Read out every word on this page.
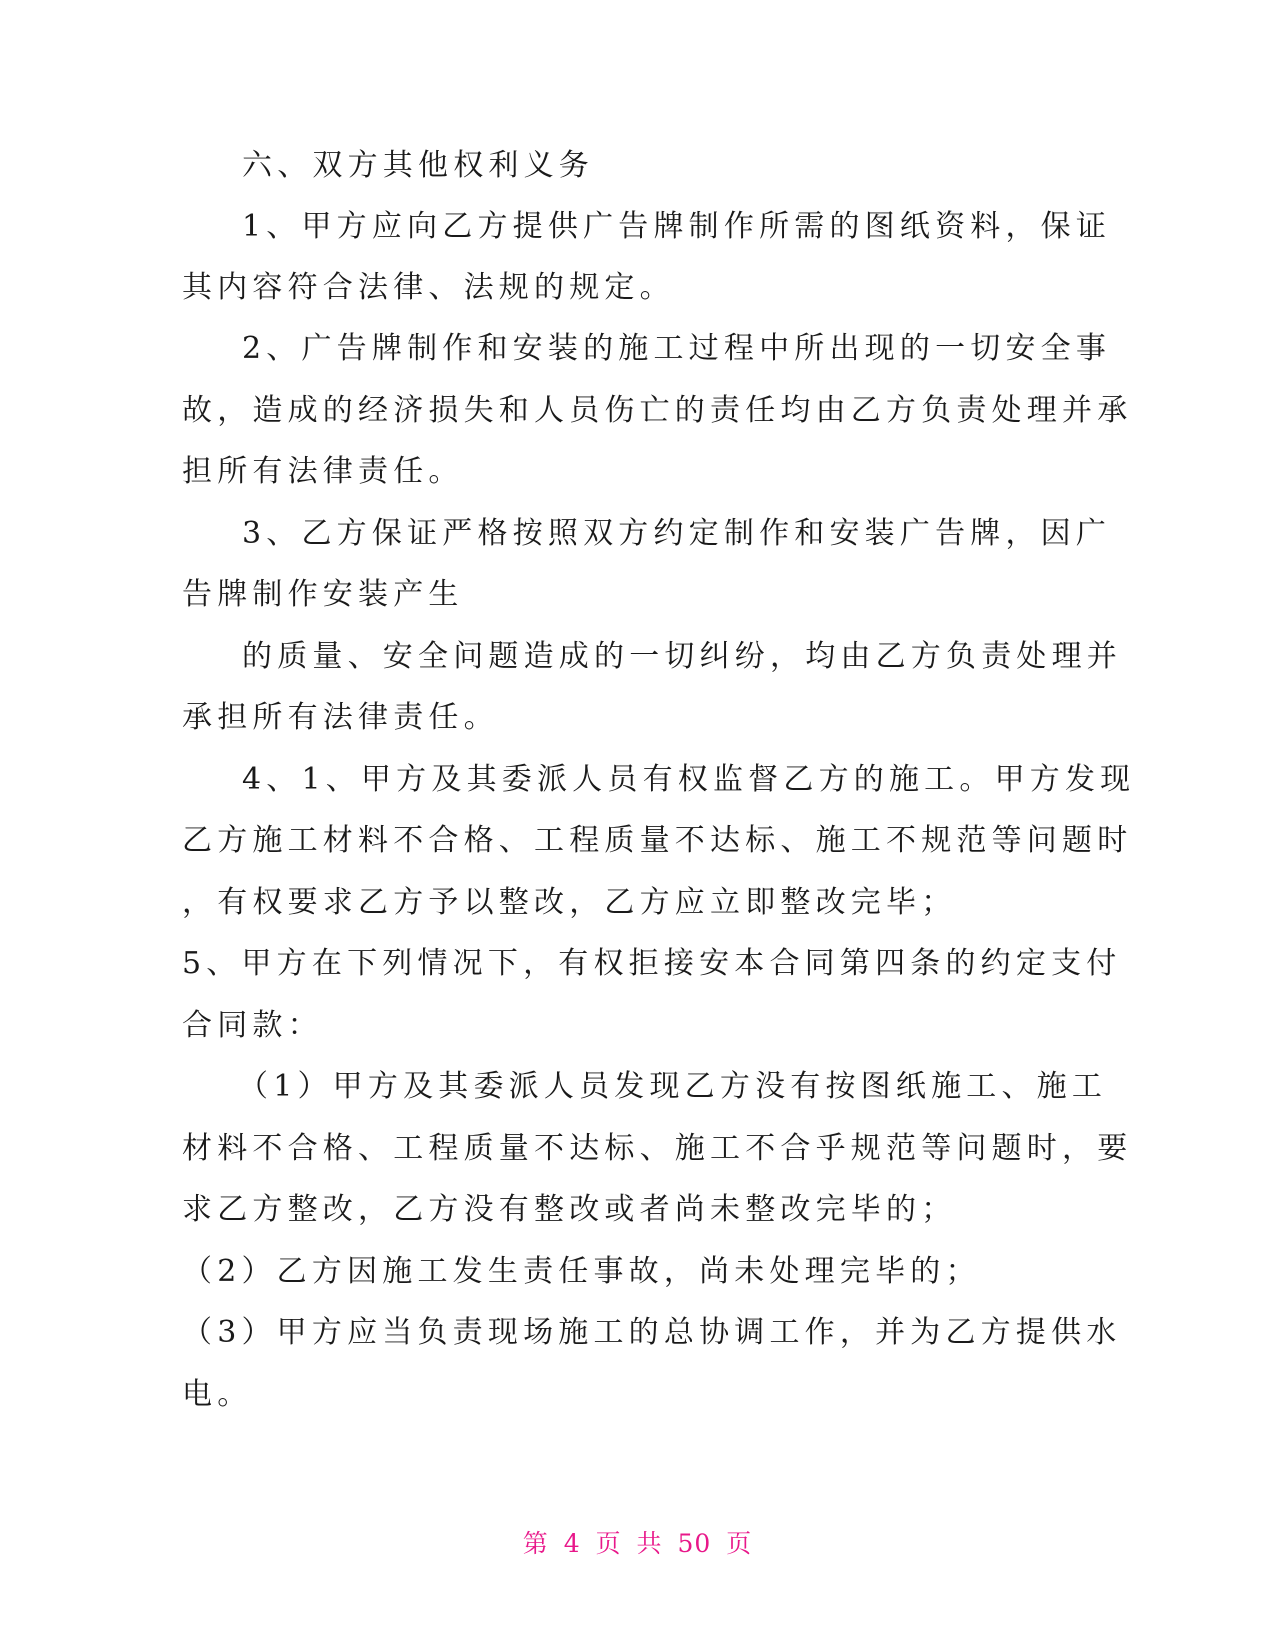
六、双方其他权利义务

1、甲方应向乙方提供广告牌制作所需的图纸资料，保证

其内容符合法律、法规的规定。

2、广告牌制作和安装的施工过程中所出现的一切安全事

故，造成的经济损失和人员伤亡的责任均由乙方负责处理并承

担所有法律责任。

3、乙方保证严格按照双方约定制作和安装广告牌，因广

告牌制作安装产生

的质量、安全问题造成的一切纠纷，均由乙方负责处理并

承担所有法律责任。

4、1、甲方及其委派人员有权监督乙方的施工。甲方发现

乙方施工材料不合格、工程质量不达标、施工不规范等问题时

，有权要求乙方予以整改，乙方应立即整改完毕；

5、甲方在下列情况下，有权拒接安本合同第四条的约定支付

合同款：

（1）甲方及其委派人员发现乙方没有按图纸施工、施工

材料不合格、工程质量不达标、施工不合乎规范等问题时，要

求乙方整改，乙方没有整改或者尚未整改完毕的；

（2）乙方因施工发生责任事故，尚未处理完毕的；

（3）甲方应当负责现场施工的总协调工作，并为乙方提供水

电。

第 4 页 共 50 页
